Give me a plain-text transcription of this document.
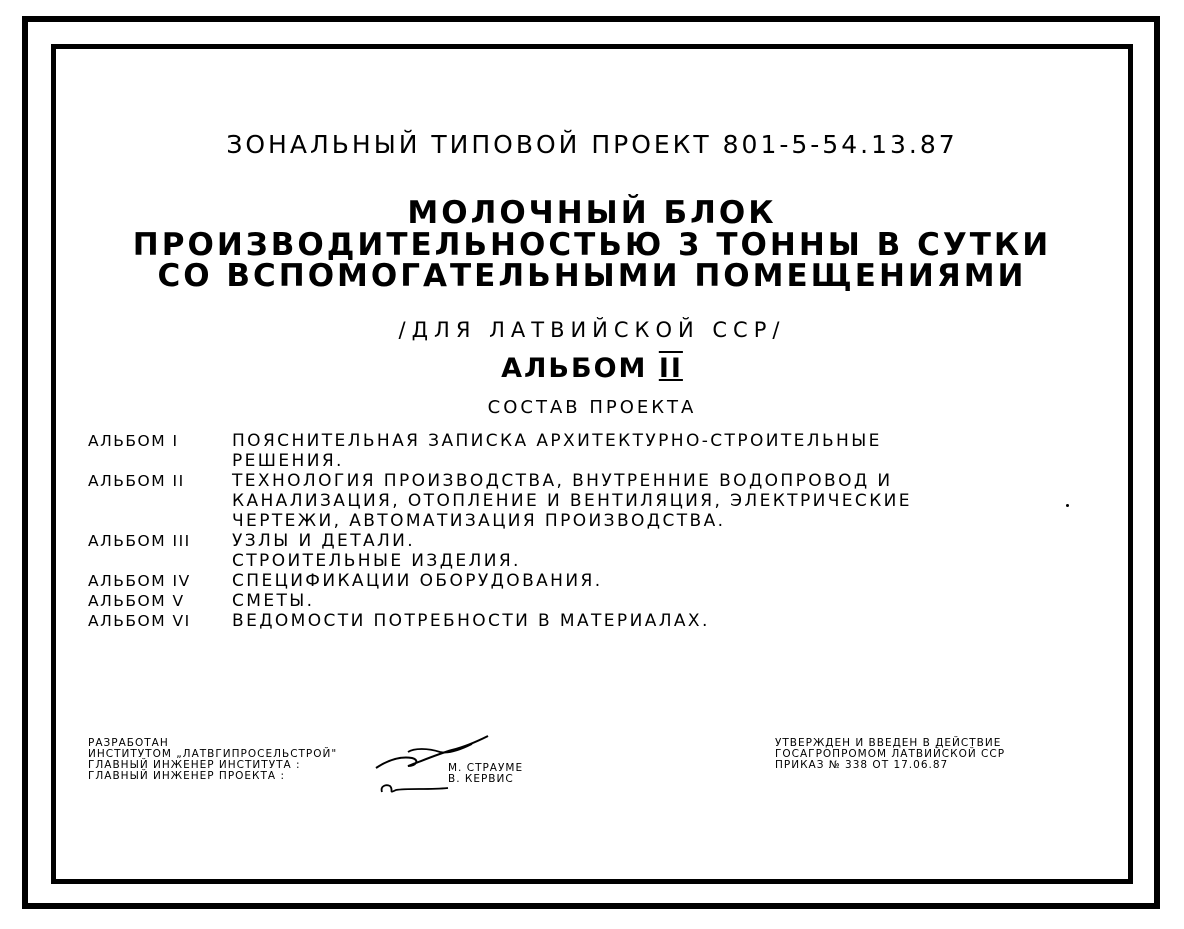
ЗОНАЛЬНЫЙ ТИПОВОЙ ПРОЕКТ 801-5-54.13.87
МОЛОЧНЫЙ БЛОК
ПРОИЗВОДИТЕЛЬНОСТЬЮ 3 ТОННЫ В СУТКИ
СО ВСПОМОГАТЕЛЬНЫМИ ПОМЕЩЕНИЯМИ
/ДЛЯ ЛАТВИЙСКОЙ ССР/
АЛЬБОМ II
СОСТАВ ПРОЕКТА
АЛЬБОМ I	ПОЯСНИТЕЛЬНАЯ ЗАПИСКА АРХИТЕКТУРНО-СТРОИТЕЛЬНЫЕ
РЕШЕНИЯ.
АЛЬБОМ II	ТЕХНОЛОГИЯ ПРОИЗВОДСТВА, ВНУТРЕННИЕ ВОДОПРОВОД И
КАНАЛИЗАЦИЯ, ОТОПЛЕНИЕ И ВЕНТИЛЯЦИЯ, ЭЛЕКТРИЧЕСКИЕ
ЧЕРТЕЖИ, АВТОМАТИЗАЦИЯ ПРОИЗВОДСТВА.
АЛЬБОМ III	УЗЛЫ И ДЕТАЛИ.
СТРОИТЕЛЬНЫЕ ИЗДЕЛИЯ.
АЛЬБОМ IV	СПЕЦИФИКАЦИИ ОБОРУДОВАНИЯ.
АЛЬБОМ V	СМЕТЫ.
АЛЬБОМ VI	ВЕДОМОСТИ ПОТРЕБНОСТИ В МАТЕРИАЛАХ.
РАЗРАБОТАН
ИНСТИТУТОМ „ЛАТВГИПРОСЕЛЬСТРОЙ"
ГЛАВНЫЙ ИНЖЕНЕР ИНСТИТУТА :
ГЛАВНЫЙ ИНЖЕНЕР ПРОЕКТА :
М. СТРАУМЕ
В. КЕРВИС
УТВЕРЖДЕН И ВВЕДЕН В ДЕЙСТВИЕ
ГОСАГРОПРОМОМ ЛАТВИЙСКОЙ ССР
ПРИКАЗ № 338 ОТ 17.06.87
